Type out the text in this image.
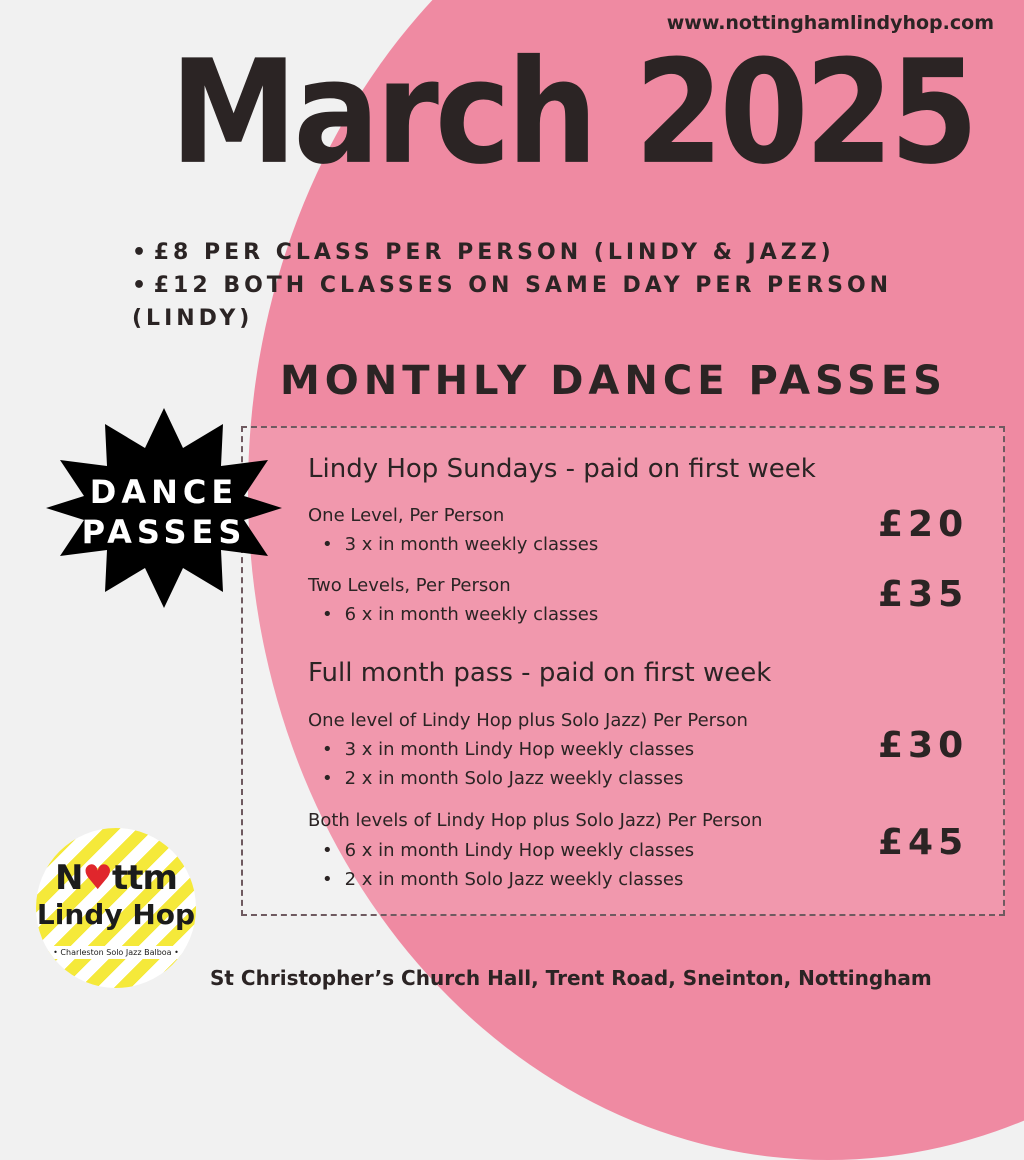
www.nottinghamlindyhop.com
March 2025
• £8 PER CLASS PER PERSON (LINDY & JAZZ)
• £12 BOTH CLASSES ON SAME DAY PER PERSON (LINDY)
MONTHLY DANCE PASSES
DANCE
PASSES
Lindy Hop Sundays - paid on first week
One Level, Per Person
• 3 x in month weekly classes	£20
Two Levels, Per Person
• 6 x in month weekly classes	£35
Full month pass - paid on first week
One level of Lindy Hop plus Solo Jazz) Per Person
• 3 x in month Lindy Hop weekly classes
• 2 x in month Solo Jazz weekly classes
£30
Both levels of Lindy Hop plus Solo Jazz) Per Person
• 6 x in month Lindy Hop weekly classes
• 2 x in month Solo Jazz weekly classes
£45
N♥ttm
Lindy Hop
• Charleston Solo Jazz Balboa •
St Christopher’s Church Hall, Trent Road, Sneinton, Nottingham
